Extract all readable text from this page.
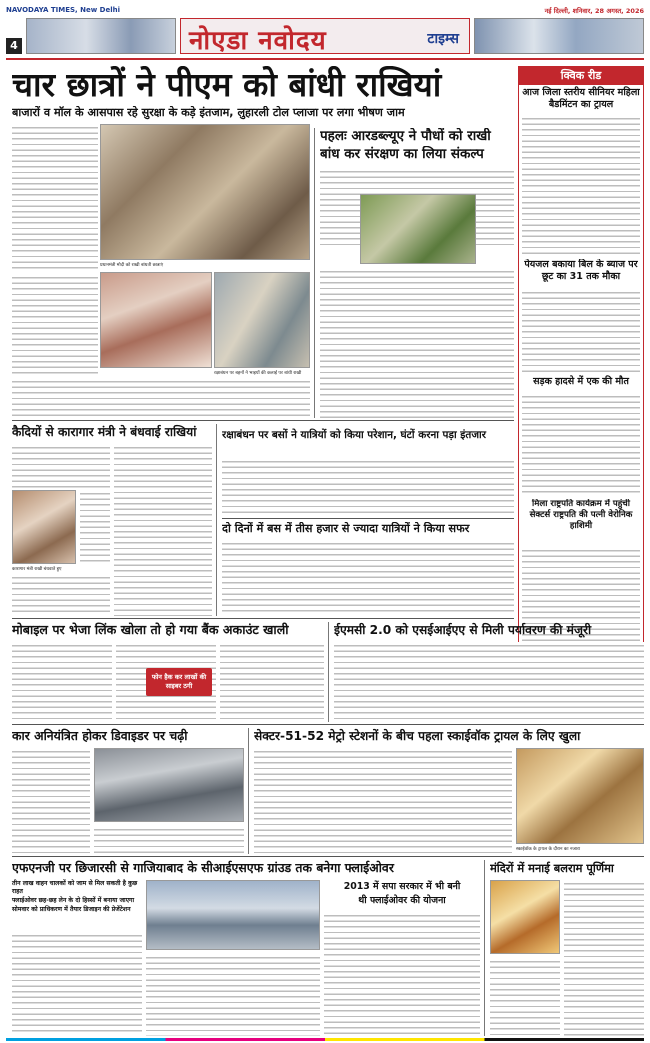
NAVODAYA TIMES, New Delhi	नई दिल्ली, शनिवार, 28 अगस्त, 2026
4	नोएडा नवोदय	टाइम्स
चार छात्रों ने पीएम को बांधी राखियां
बाजारों व मॉल के आसपास रहे सुरक्षा के कड़े इंतजाम, लुहारली टोल प्लाजा पर लगा भीषण जाम
प्रधानमंत्री मोदी को राखी बांधती छात्राएं
रक्षाबंधन पर बहनों ने भाइयों की कलाई पर बांधी राखी
पहलः आरडब्ल्यूए ने पौधों को राखी
बांध कर संरक्षण का लिया संकल्प
क्विक रीड
आज जिला स्तरीय सीनियर महिला बैडमिंटन का ट्रायल
पेयजल बकाया बिल के ब्याज पर छूट का 31 तक मौका
सड़क हादसे में एक की मौत
मिला राष्ट्रपति कार्यक्रम में पहुंची सेक्टर्स राष्ट्रपति की पत्नी वेरोनिक हाशिमी
कैदियों से कारागार मंत्री ने बंधवाई राखियां
कारागार मंत्री राखी बंधवाते हुए
रक्षाबंधन पर बसों ने यात्रियों को किया परेशान, घंटों करना पड़ा इंतजार
दो दिनों में बस में तीस हजार से ज्यादा यात्रियों ने किया सफर
मोबाइल पर भेजा लिंक खोला तो हो गया बैंक अकाउंट खाली
फोन हैक कर लाखों की साइबर ठगी
ईएमसी 2.0 को एसईआईएए से मिली पर्यावरण की मंजूरी
कार अनियंत्रित होकर डिवाइडर पर चढ़ी	सेक्टर-51-52 मेट्रो स्टेशनों के बीच पहला स्काईवॉक ट्रायल के लिए खुला
स्काईवॉक के ट्रायल के दौरान का नजारा
एफएनजी पर छिजारसी से गाजियाबाद के सीआईएसएफ ग्रांउड तक बनेगा फ्लाईओवर
तीन लाख वाहन चालकों को जाम से मिल सकती है कुछ राहत
फ्लाईओवर छह-छह लेन के दो हिस्सों में बनाया जाएगा
सोमवार को प्राधिकरण में तैयार डिजाइन की प्रेजेंटेशन
2013 में सपा सरकार में भी बनी
थी फ्लाईओवर की योजना
मंदिरों में मनाई बलराम पूर्णिमा
